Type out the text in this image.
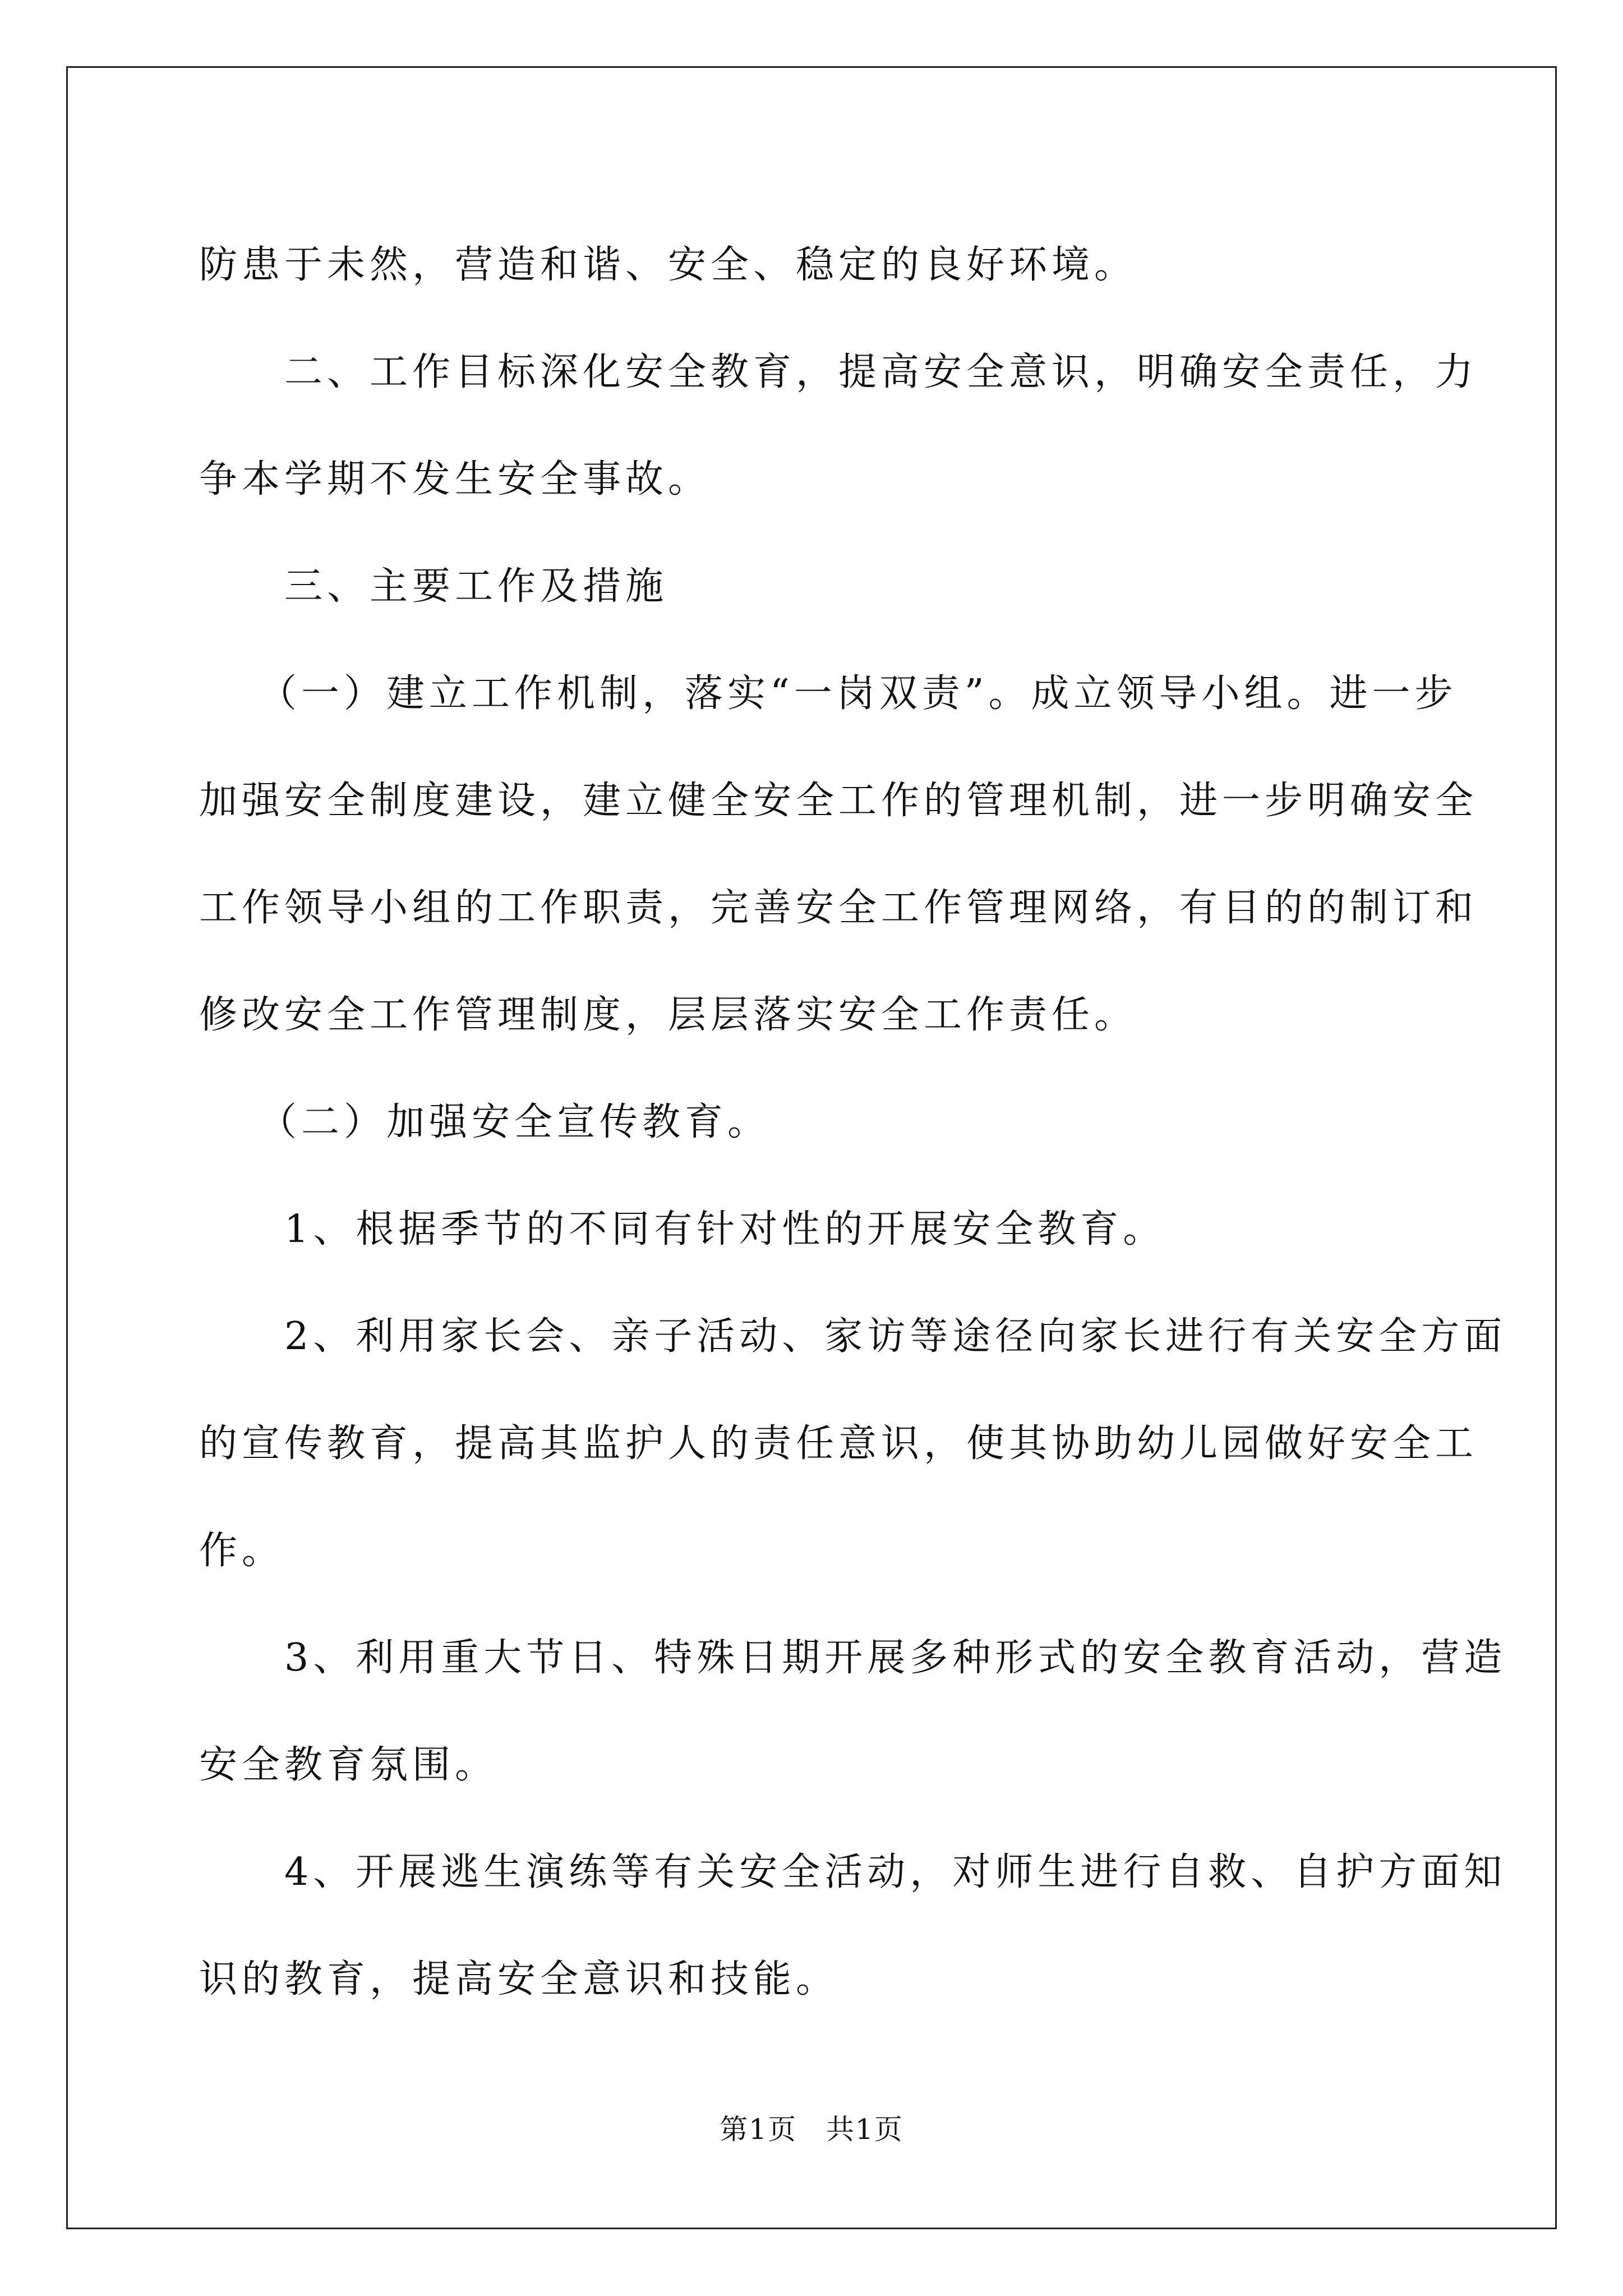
防患于未然，营造和谐、安全、稳定的良好环境。
二、工作目标深化安全教育，提高安全意识，明确安全责任，力
争本学期不发生安全事故。
三、主要工作及措施
（一）建立工作机制，落实“一岗双责”。成立领导小组。进一步
加强安全制度建设，建立健全安全工作的管理机制，进一步明确安全
工作领导小组的工作职责，完善安全工作管理网络，有目的的制订和
修改安全工作管理制度，层层落实安全工作责任。
（二）加强安全宣传教育。
1、根据季节的不同有针对性的开展安全教育。
2、利用家长会、亲子活动、家访等途径向家长进行有关安全方面
的宣传教育，提高其监护人的责任意识，使其协助幼儿园做好安全工
作。
3、利用重大节日、特殊日期开展多种形式的安全教育活动，营造
安全教育氛围。
4、开展逃生演练等有关安全活动，对师生进行自救、自护方面知
识的教育，提高安全意识和技能。
第1页　共1页
